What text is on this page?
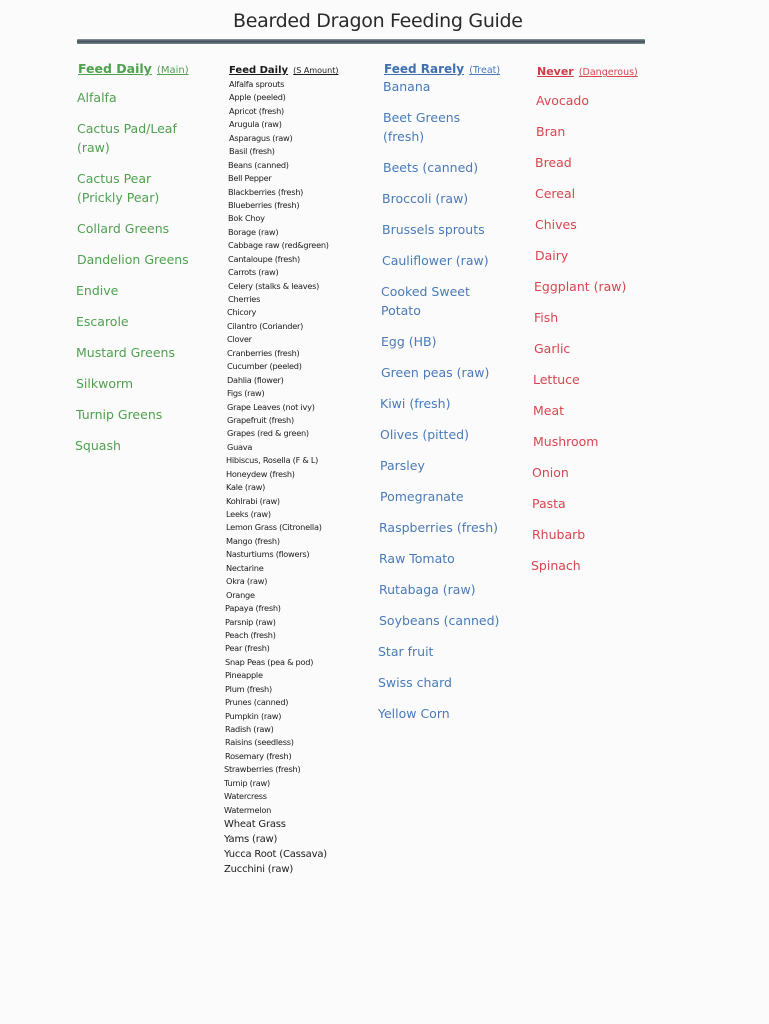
Bearded Dragon Feeding Guide
Feed Daily (Main)
Alfalfa
Cactus Pad/Leaf
(raw)
Cactus Pear
(Prickly Pear)
Collard Greens
Dandelion Greens
Endive
Escarole
Mustard Greens
Silkworm
Turnip Greens
Squash
Feed Daily (S Amount)
Alfalfa sprouts
Apple (peeled)
Apricot (fresh)
Arugula (raw)
Asparagus (raw)
Basil (fresh)
Beans (canned)
Bell Pepper
Blackberries (fresh)
Blueberries (fresh)
Bok Choy
Borage (raw)
Cabbage raw (red&green)
Cantaloupe (fresh)
Carrots (raw)
Celery (stalks & leaves)
Cherries
Chicory
Cilantro (Coriander)
Clover
Cranberries (fresh)
Cucumber (peeled)
Dahlia (flower)
Figs (raw)
Grape Leaves (not ivy)
Grapefruit (fresh)
Grapes (red & green)
Guava
Hibiscus, Rosella (F & L)
Honeydew (fresh)
Kale (raw)
Kohlrabi (raw)
Leeks (raw)
Lemon Grass (Citronella)
Mango (fresh)
Nasturtiums (flowers)
Nectarine
Okra (raw)
Orange
Papaya (fresh)
Parsnip (raw)
Peach (fresh)
Pear (fresh)
Snap Peas (pea & pod)
Pineapple
Plum (fresh)
Prunes (canned)
Pumpkin (raw)
Radish (raw)
Raisins (seedless)
Rosemary (fresh)
Strawberries (fresh)
Turnip (raw)
Watercress
Watermelon
Wheat Grass
Yams (raw)
Yucca Root (Cassava)
Zucchini (raw)
Feed Rarely (Treat)
Banana
Beet Greens
(fresh)
Beets (canned)
Broccoli (raw)
Brussels sprouts
Cauliflower (raw)
Cooked Sweet
Potato
Egg (HB)
Green peas (raw)
Kiwi (fresh)
Olives (pitted)
Parsley
Pomegranate
Raspberries (fresh)
Raw Tomato
Rutabaga (raw)
Soybeans (canned)
Star fruit
Swiss chard
Yellow Corn
Never (Dangerous)
Avocado
Bran
Bread
Cereal
Chives
Dairy
Eggplant (raw)
Fish
Garlic
Lettuce
Meat
Mushroom
Onion
Pasta
Rhubarb
Spinach
